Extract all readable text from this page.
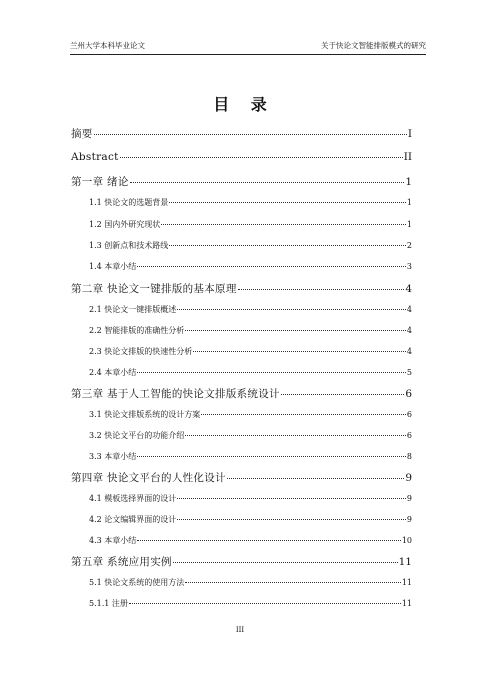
兰州大学本科毕业论文	关于快论文智能排版模式的研究
目 录
摘要	I
Abstract	II
第一章 绪论	1
1.1 快论文的选题背景	1
1.2 国内外研究现状	1
1.3 创新点和技术路线	2
1.4 本章小结	3
第二章 快论文一键排版的基本原理	4
2.1 快论文一键排版概述	4
2.2 智能排版的准确性分析	4
2.3 快论文排版的快速性分析	4
2.4 本章小结	5
第三章 基于人工智能的快论文排版系统设计	6
3.1 快论文排版系统的设计方案	6
3.2 快论文平台的功能介绍	6
3.3 本章小结	8
第四章 快论文平台的人性化设计	9
4.1 模板选择界面的设计	9
4.2 论文编辑界面的设计	9
4.3 本章小结	10
第五章 系统应用实例	11
5.1 快论文系统的使用方法	11
5.1.1 注册	11
III
